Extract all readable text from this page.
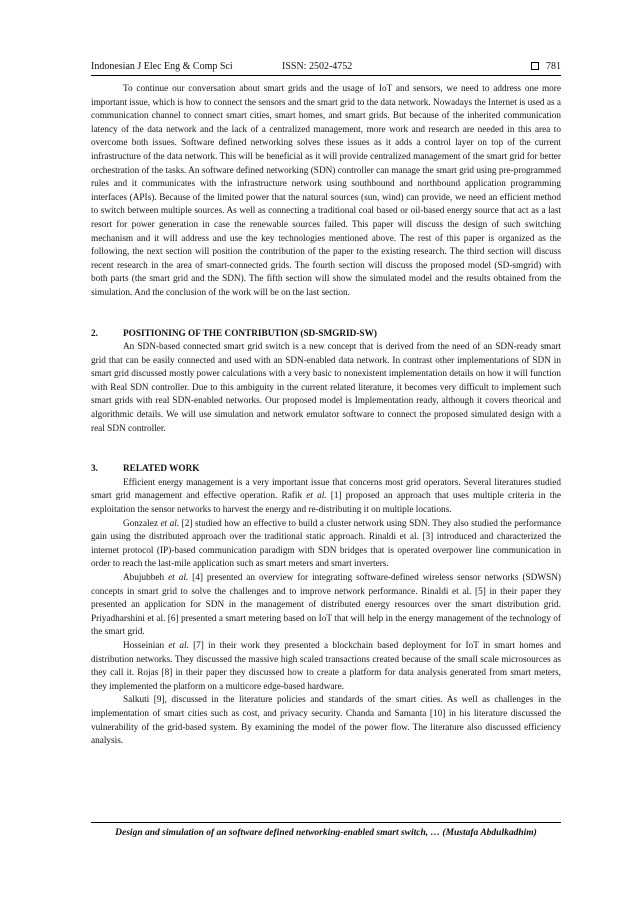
Indonesian J Elec Eng & Comp Sci	ISSN: 2502-4752	781

To continue our conversation about smart grids and the usage of IoT and sensors, we need to address one more important issue, which is how to connect the sensors and the smart grid to the data network. Nowadays the Internet is used as a communication channel to connect smart cities, smart homes, and smart grids. But because of the inherited communication latency of the data network and the lack of a centralized management, more work and research are needed in this area to overcome both issues. Software defined networking solves these issues as it adds a control layer on top of the current infrastructure of the data network. This will be beneficial as it will provide centralized management of the smart grid for better orchestration of the tasks. An software defined networking (SDN) controller can manage the smart grid using pre-programmed rules and it communicates with the infrastructure network using southbound and northbound application programming interfaces (APIs). Because of the limited power that the natural sources (sun, wind) can provide, we need an efficient method to switch between multiple sources. As well as connecting a traditional coal based or oil-based energy source that act as a last resort for power generation in case the renewable sources failed. This paper will discuss the design of such switching mechanism and it will address and use the key technologies mentioned above. The rest of this paper is organized as the following, the next section will position the contribution of the paper to the existing research. The third section will discuss recent research in the area of smart-connected grids. The fourth section will discuss the proposed model (SD-smgrid) with both parts (the smart grid and the SDN). The fifth section will show the simulated model and the results obtained from the simulation. And the conclusion of the work will be on the last section.

2.	POSITIONING OF THE CONTRIBUTION (SD-SMGRID-SW)

An SDN-based connected smart grid switch is a new concept that is derived from the need of an SDN-ready smart grid that can be easily connected and used with an SDN-enabled data network. In contrast other implementations of SDN in smart grid discussed mostly power calculations with a very basic to nonexistent implementation details on how it will function with Real SDN controller. Due to this ambiguity in the current related literature, it becomes very difficult to implement such smart grids with real SDN-enabled networks. Our proposed model is Implementation ready, although it covers theorical and algorithmic details. We will use simulation and network emulator software to connect the proposed simulated design with a real SDN controller.

3.	RELATED WORK

Efficient energy management is a very important issue that concerns most grid operators. Several literatures studied smart grid management and effective operation. Rafik et al. [1] proposed an approach that uses multiple criteria in the exploitation the sensor networks to harvest the energy and re-distributing it on multiple locations.

Gonzalez et al. [2] studied how an effective to build a cluster network using SDN. They also studied the performance gain using the distributed approach over the traditional static approach. Rinaldi et al. [3] introduced and characterized the internet protocol (IP)-based communication paradigm with SDN bridges that is operated overpower line communication in order to reach the last-mile application such as smart meters and smart inverters.

Abujubbeh et al. [4] presented an overview for integrating software-defined wireless sensor networks (SDWSN) concepts in smart grid to solve the challenges and to improve network performance. Rinaldi et al. [5] in their paper they presented an application for SDN in the management of distributed energy resources over the smart distribution grid. Priyadharshini et al. [6] presented a smart metering based on IoT that will help in the energy management of the technology of the smart grid.

Hosseinian et al. [7] in their work they presented a blockchain based deployment for IoT in smart homes and distribution networks. They discussed the massive high scaled transactions created because of the small scale microsources as they call it. Rojas [8] in their paper they discussed how to create a platform for data analysis generated from smart meters, they implemented the platform on a multicore edge-based hardware.

Salkuti [9], discussed in the literature policies and standards of the smart cities. As well as challenges in the implementation of smart cities such as cost, and privacy security. Chanda and Samanta [10] in his literature discussed the vulnerability of the grid-based system. By examining the model of the power flow. The literature also discussed efficiency analysis.

Design and simulation of an software defined networking-enabled smart switch, … (Mustafa Abdulkadhim)
